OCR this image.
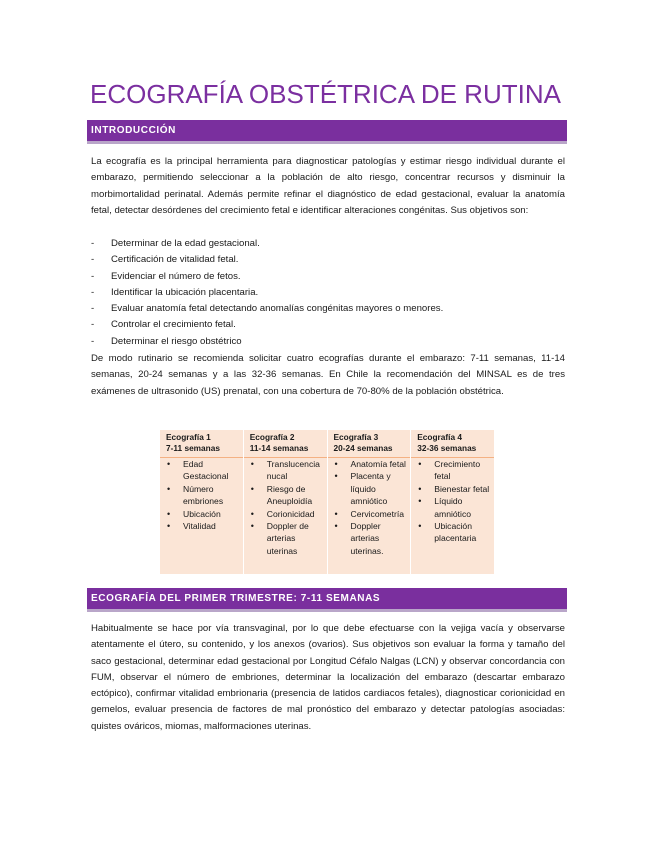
ECOGRAFÍA OBSTÉTRICA DE RUTINA
INTRODUCCIÓN

La ecografía es la principal herramienta para diagnosticar patologías y estimar riesgo individual durante el embarazo, permitiendo seleccionar a la población de alto riesgo, concentrar recursos y disminuir la morbimortalidad perinatal. Además permite refinar el diagnóstico de edad gestacional, evaluar la anatomía fetal, detectar desórdenes del crecimiento fetal e identificar alteraciones congénitas. Sus objetivos son:

- Determinar de la edad gestacional.
- Certificación de vitalidad fetal.
- Evidenciar el número de fetos.
- Identificar la ubicación placentaria.
- Evaluar anatomía fetal detectando anomalías congénitas mayores o menores.
- Controlar el crecimiento fetal.
- Determinar el riesgo obstétrico

De modo rutinario se recomienda solicitar cuatro ecografías durante el embarazo: 7-11 semanas, 11-14 semanas, 20-24 semanas y a las 32-36 semanas. En Chile la recomendación del MINSAL es de tres exámenes de ultrasonido (US) prenatal, con una cobertura de 70-80% de la población obstétrica.

Ecografía 1
7-11 semanas
• Edad Gestacional
• Número embriones
• Ubicación
• Vitalidad
Ecografía 2
11-14 semanas
• Translucencia nucal
• Riesgo de Aneuploidía
• Corionicidad
• Doppler de arterias uterinas
Ecografía 3
20-24 semanas
• Anatomía fetal
• Placenta y líquido amniótico
• Cervicometría
• Doppler arterias uterinas.
Ecografía 4
32-36 semanas
• Crecimiento fetal
• Bienestar fetal
• Líquido amniótico
• Ubicación placentaria
ECOGRAFÍA DEL PRIMER TRIMESTRE: 7-11 SEMANAS

Habitualmente se hace por vía transvaginal, por lo que debe efectuarse con la vejiga vacía y observarse atentamente el útero, su contenido, y los anexos (ovarios). Sus objetivos son evaluar la forma y tamaño del saco gestacional, determinar edad gestacional por Longitud Céfalo Nalgas (LCN) y observar concordancia con FUM, observar el número de embriones, determinar la localización del embarazo (descartar embarazo ectópico), confirmar vitalidad embrionaria (presencia de latidos cardiacos fetales), diagnosticar corionicidad en gemelos, evaluar presencia de factores de mal pronóstico del embarazo y detectar patologías asociadas: quistes ováricos, miomas, malformaciones uterinas.
